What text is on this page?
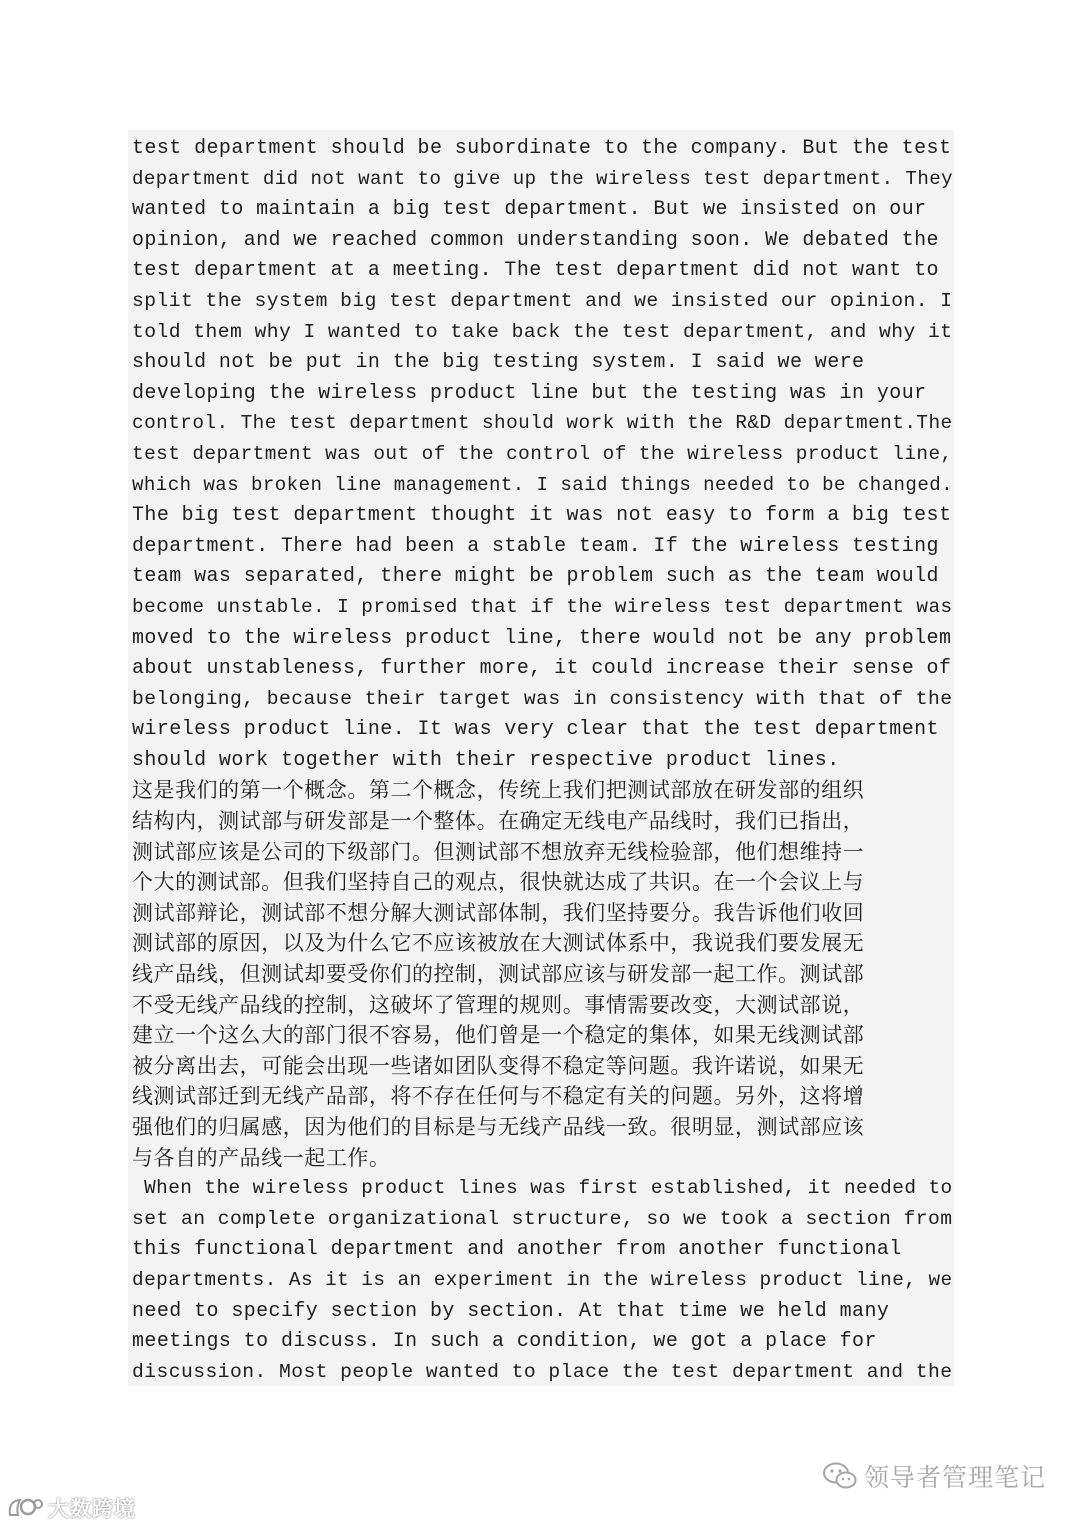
test department should be subordinate to the company. But the test
department did not want to give up the wireless test department. They
wanted to maintain a big test department. But we insisted on our
opinion, and we reached common understanding soon. We debated the
test department at a meeting. The test department did not want to
split the system big test department and we insisted our opinion. I
told them why I wanted to take back the test department, and why it
should not be put in the big testing system. I said we were
developing the wireless product line but the testing was in your
control. The test department should work with the R&D department.The
test department was out of the control of the wireless product line,
which was broken line management. I said things needed to be changed.
The big test department thought it was not easy to form a big test
department. There had been a stable team. If the wireless testing
team was separated, there might be problem such as the team would
become unstable. I promised that if the wireless test department was
moved to the wireless product line, there would not be any problem
about unstableness, further more, it could increase their sense of
belonging, because their target was in consistency with that of the
wireless product line. It was very clear that the test department
should work together with their respective product lines.
这是我们的第一个概念。第二个概念，传统上我们把测试部放在研发部的组织
结构内，测试部与研发部是一个整体。在确定无线电产品线时，我们已指出，
测试部应该是公司的下级部门。但测试部不想放弃无线检验部，他们想维持一
个大的测试部。但我们坚持自己的观点，很快就达成了共识。在一个会议上与
测试部辩论，测试部不想分解大测试部体制，我们坚持要分。我告诉他们收回
测试部的原因，以及为什么它不应该被放在大测试体系中，我说我们要发展无
线产品线，但测试却要受你们的控制，测试部应该与研发部一起工作。测试部
不受无线产品线的控制，这破坏了管理的规则。事情需要改变，大测试部说，
建立一个这么大的部门很不容易，他们曾是一个稳定的集体，如果无线测试部
被分离出去，可能会出现一些诸如团队变得不稳定等问题。我许诺说，如果无
线测试部迁到无线产品部，将不存在任何与不稳定有关的问题。另外，这将增
强他们的归属感，因为他们的目标是与无线产品线一致。很明显，测试部应该
与各自的产品线一起工作。
When the wireless product lines was first established, it needed to
set an complete organizational structure, so we took a section from
this functional department and another from another functional
departments. As it is an experiment in the wireless product line, we
need to specify section by section. At that time we held many
meetings to discuss. In such a condition, we got a place for
discussion. Most people wanted to place the test department and the
领导者管理笔记
大数跨境
